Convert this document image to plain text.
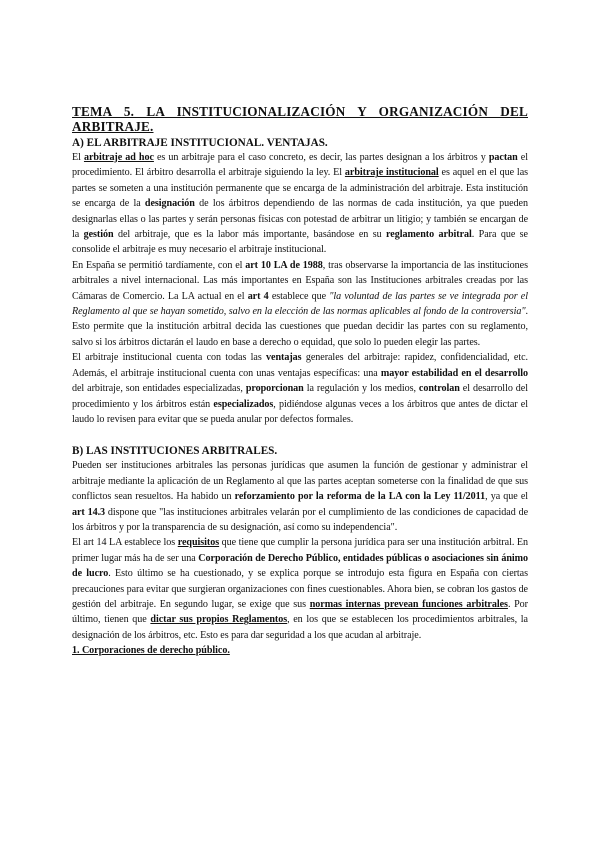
TEMA 5. LA INSTITUCIONALIZACIÓN Y ORGANIZACIÓN DEL

ARBITRAJE.

A) EL ARBITRAJE INSTITUCIONAL. VENTAJAS.

El arbitraje ad hoc es un arbitraje para el caso concreto, es decir, las partes designan a los árbitros y pactan el procedimiento. El árbitro desarrolla el arbitraje siguiendo la ley. El arbitraje institucional es aquel en el que las partes se someten a una institución permanente que se encarga de la administración del arbitraje. Esta institución se encarga de la designación de los árbitros dependiendo de las normas de cada institución, ya que pueden designarlas ellas o las partes y serán personas físicas con potestad de arbitrar un litigio; y también se encargan de la gestión del arbitraje, que es la labor más importante, basándose en su reglamento arbitral. Para que se consolide el arbitraje es muy necesario el arbitraje institucional.

En España se permitió tardíamente, con el art 10 LA de 1988, tras observarse la importancia de las instituciones arbitrales a nivel internacional. Las más importantes en España son las Instituciones arbitrales creadas por las Cámaras de Comercio. La LA actual en el art 4 establece que "la voluntad de las partes se ve integrada por el Reglamento al que se hayan sometido, salvo en la elección de las normas aplicables al fondo de la controversia". Esto permite que la institución arbitral decida las cuestiones que puedan decidir las partes con su reglamento, salvo si los árbitros dictarán el laudo en base a derecho o equidad, que solo lo pueden elegir las partes.

El arbitraje institucional cuenta con todas las ventajas generales del arbitraje: rapidez, confidencialidad, etc. Además, el arbitraje institucional cuenta con unas ventajas específicas: una mayor estabilidad en el desarrollo del arbitraje, son entidades especializadas, proporcionan la regulación y los medios, controlan el desarrollo del procedimiento y los árbitros están especializados, pidiéndose algunas veces a los árbitros que antes de dictar el laudo lo revisen para evitar que se pueda anular por defectos formales.

B) LAS INSTITUCIONES ARBITRALES.

Pueden ser instituciones arbitrales las personas jurídicas que asumen la función de gestionar y administrar el arbitraje mediante la aplicación de un Reglamento al que las partes aceptan someterse con la finalidad de que sus conflictos sean resueltos. Ha habido un reforzamiento por la reforma de la LA con la Ley 11/2011, ya que el art 14.3 dispone que "las instituciones arbitrales velarán por el cumplimiento de las condiciones de capacidad de los árbitros y por la transparencia de su designación, así como su independencia".

El art 14 LA establece los requisitos que tiene que cumplir la persona jurídica para ser una institución arbitral. En primer lugar más ha de ser una Corporación de Derecho Público, entidades públicas o asociaciones sin ánimo de lucro. Esto último se ha cuestionado, y se explica porque se introdujo esta figura en España con ciertas precauciones para evitar que surgieran organizaciones con fines cuestionables. Ahora bien, se cobran los gastos de gestión del arbitraje. En segundo lugar, se exige que sus normas internas prevean funciones arbitrales. Por último, tienen que dictar sus propios Reglamentos, en los que se establecen los procedimientos arbitrales, la designación de los árbitros, etc. Esto es para dar seguridad a los que acudan al arbitraje.

1. Corporaciones de derecho público.
